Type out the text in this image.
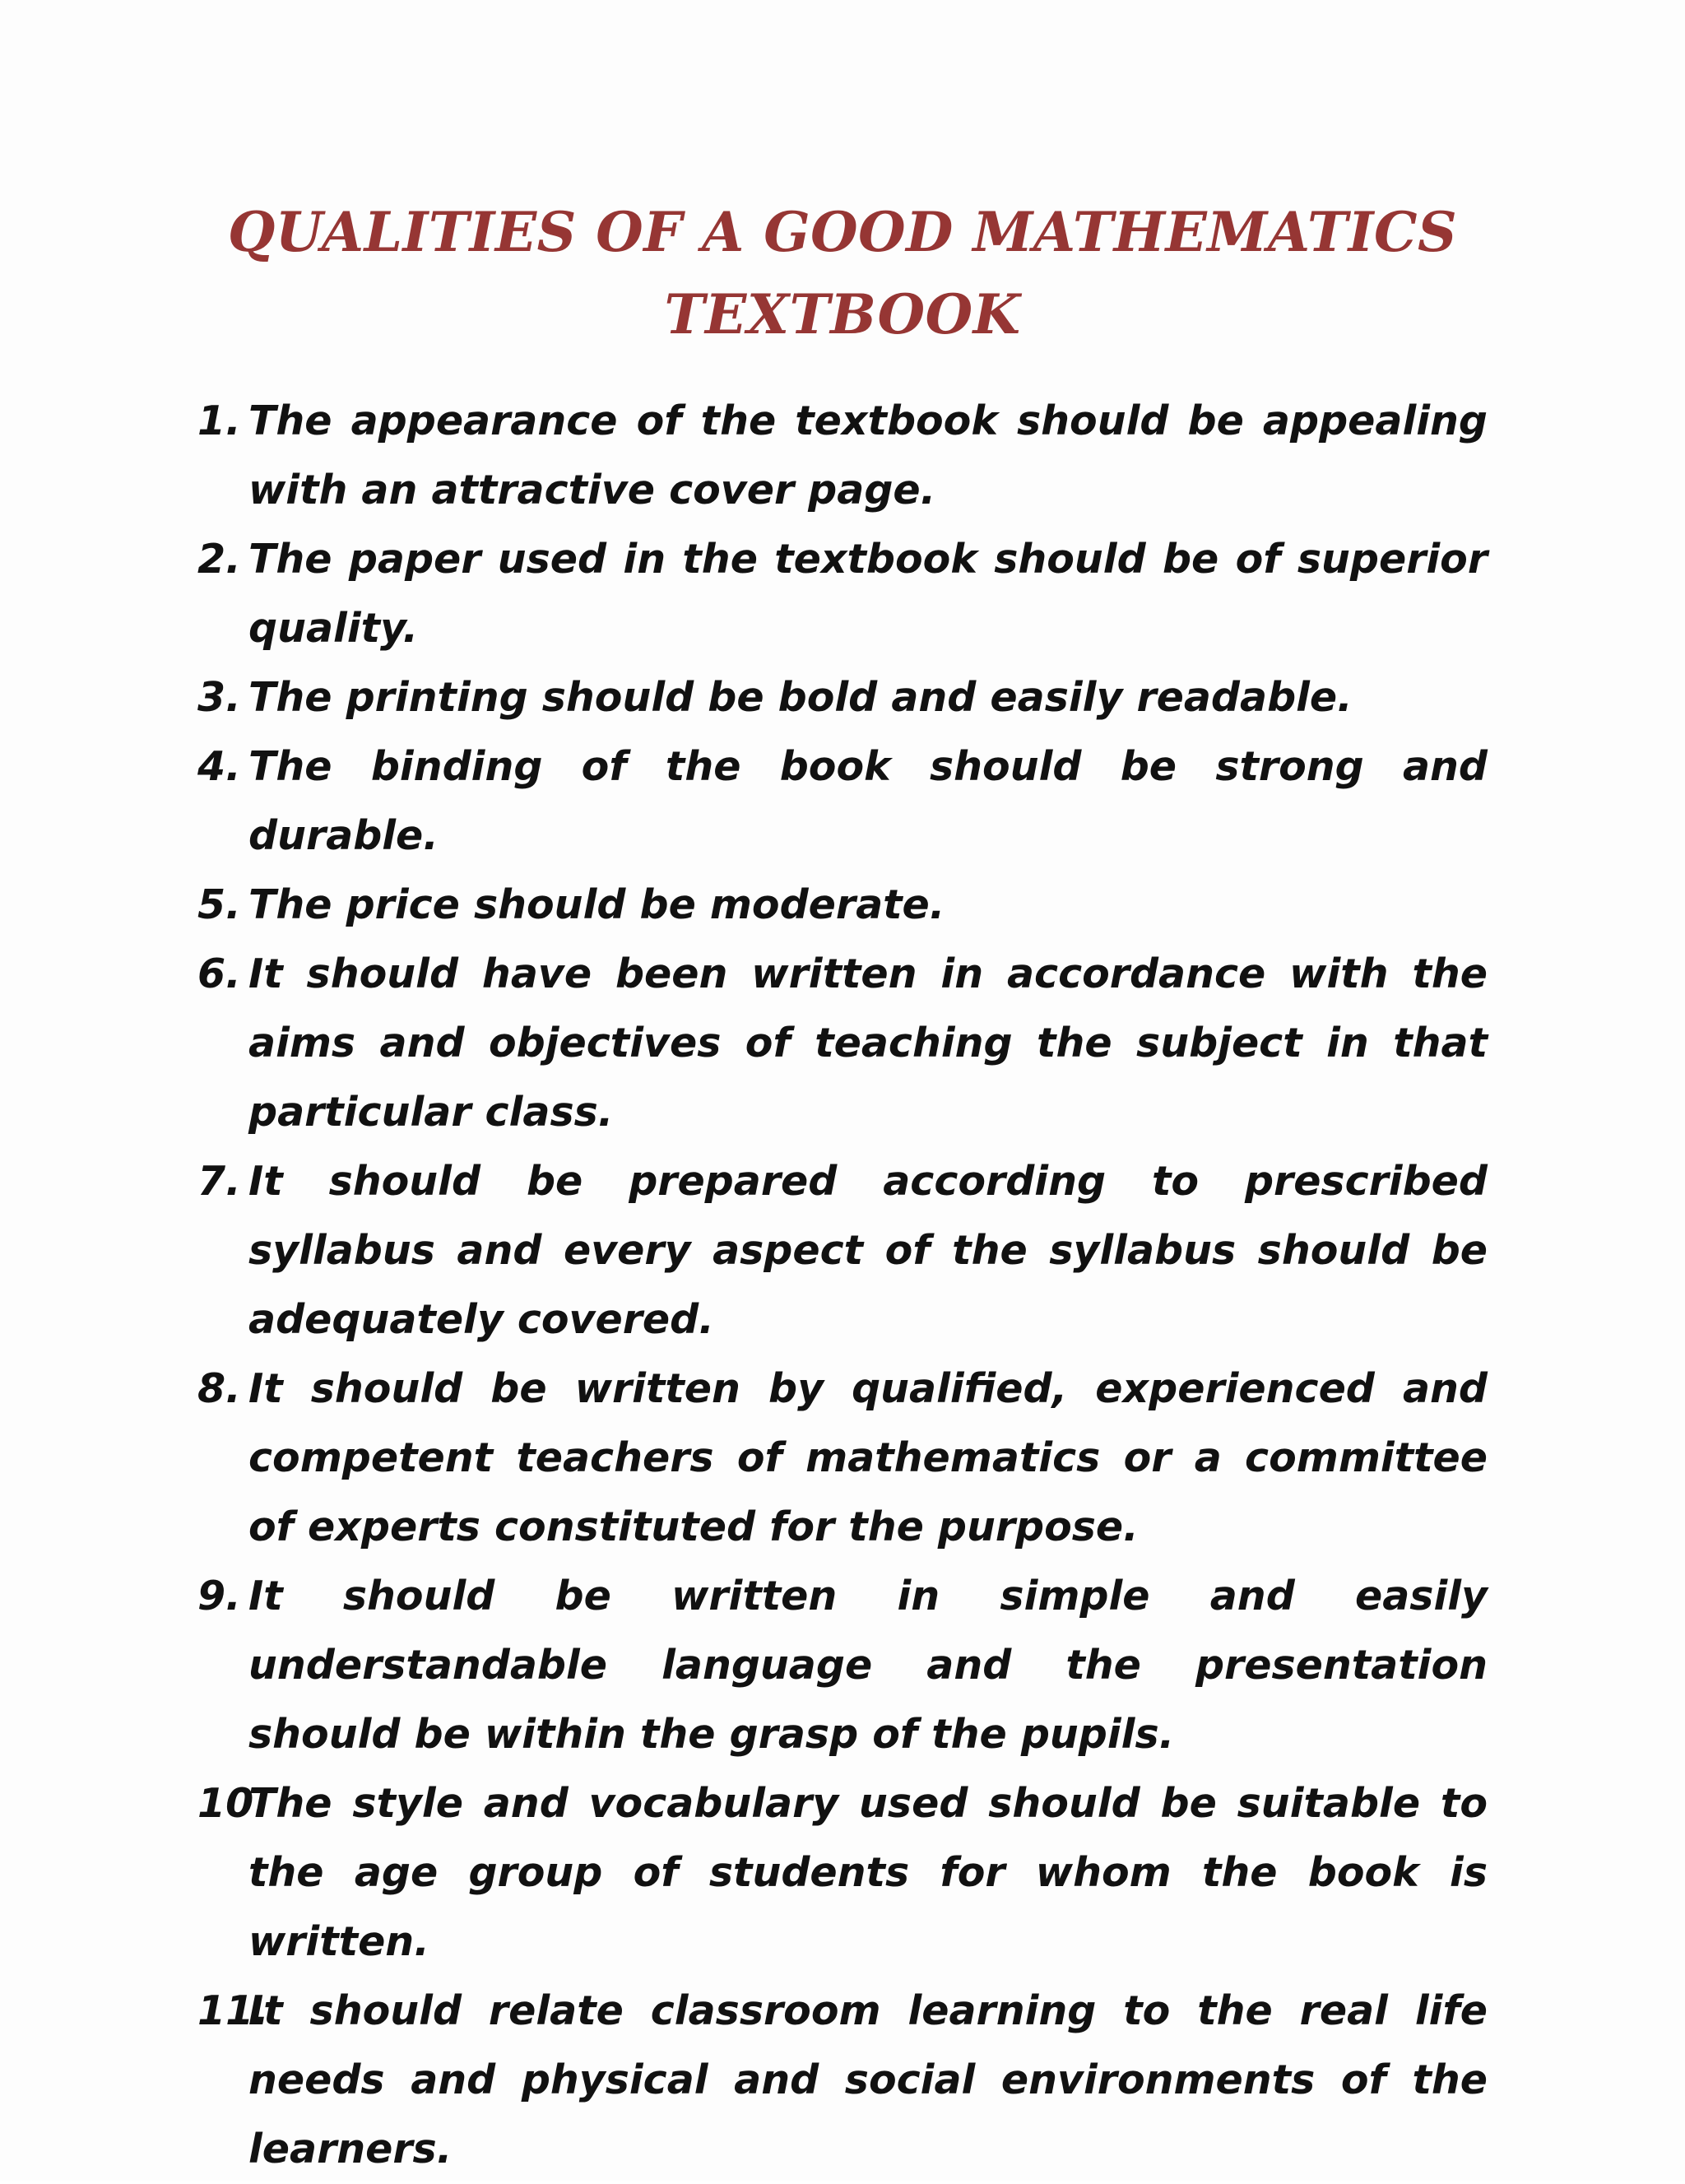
QUALITIES OF A GOOD MATHEMATICS TEXTBOOK
1. The appearance of the textbook should be appealing with an attractive cover page.
2. The paper used in the textbook should be of superior quality.
3. The printing should be bold and easily readable.
4. The binding of the book should be strong and durable.
5. The price should be moderate.
6. It should have been written in accordance with the aims and objectives of teaching the subject in that particular class.
7. It should be prepared according to prescribed syllabus and every aspect of the syllabus should be adequately covered.
8. It should be written by qualified, experienced and competent teachers of mathematics or a committee of experts constituted for the purpose.
9. It should be written in simple and easily understandable language and the presentation should be within the grasp of the pupils.
10.
The style and vocabulary used should be suitable to the age group of students for whom the book is written.
11.
It should relate classroom learning to the real life needs and physical and social environments of the learners.
